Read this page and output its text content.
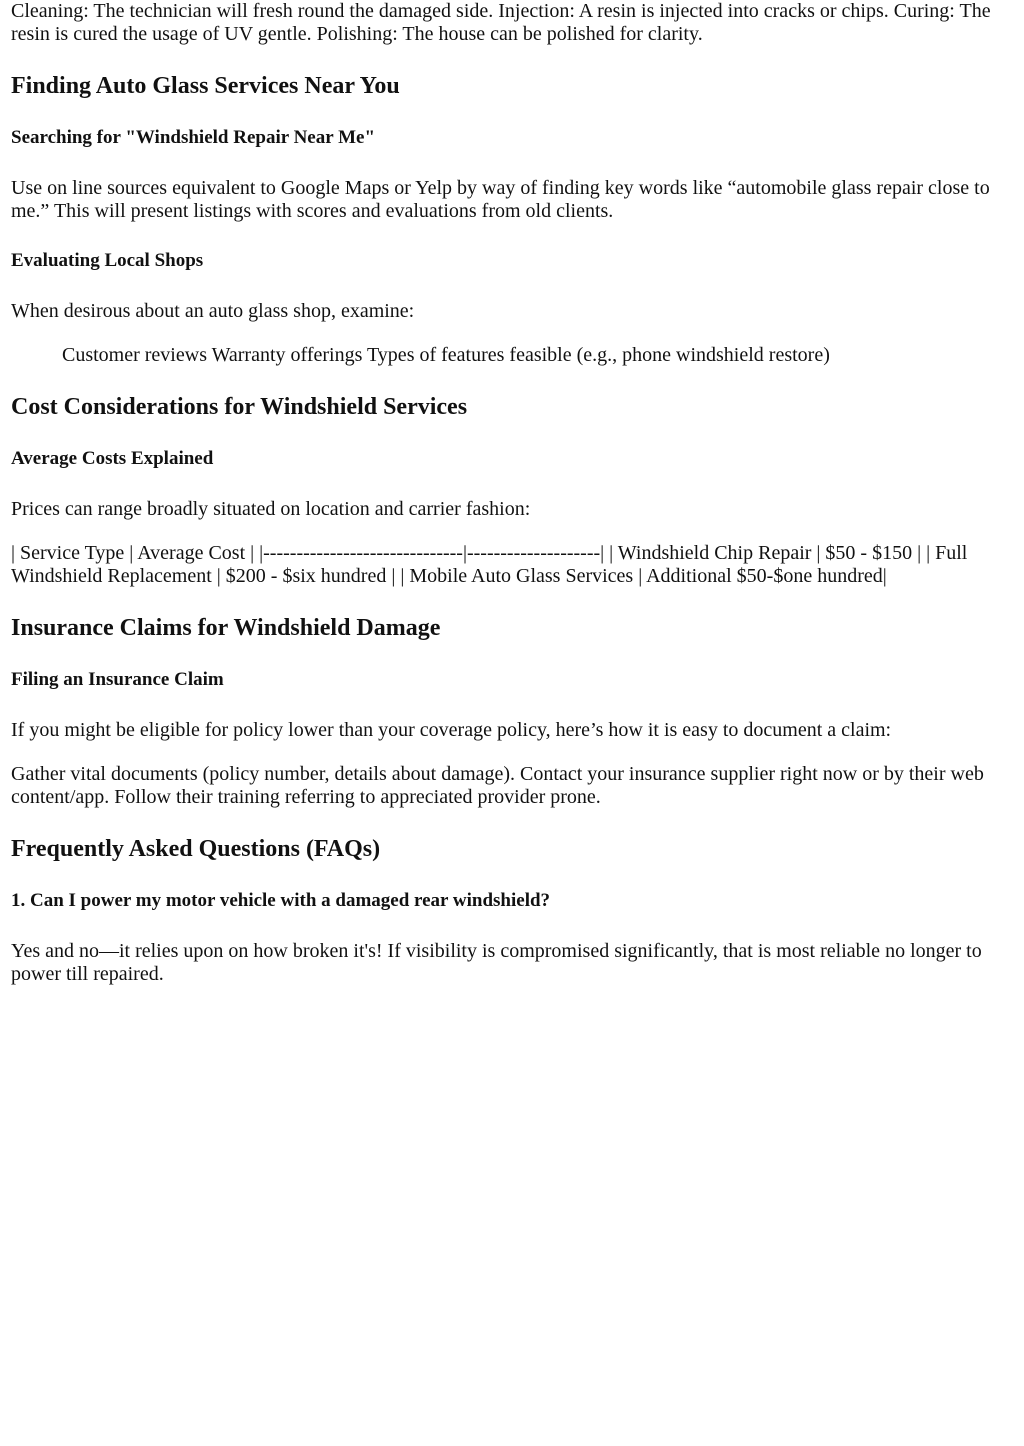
Cleaning: The technician will fresh round the damaged side. Injection: A resin is injected into cracks or chips. Curing: The resin is cured the usage of UV gentle. Polishing: The house can be polished for clarity.

Finding Auto Glass Services Near You
Searching for "Windshield Repair Near Me"

Use on line sources equivalent to Google Maps or Yelp by way of finding key words like “automobile glass repair close to me.” This will present listings with scores and evaluations from old clients.

Evaluating Local Shops

When desirous about an auto glass shop, examine:

Customer reviews Warranty offerings Types of features feasible (e.g., phone windshield restore)
Cost Considerations for Windshield Services
Average Costs Explained

Prices can range broadly situated on location and carrier fashion:

| Service Type | Average Cost | |------------------------------|--------------------| | Windshield Chip Repair | $50 - $150 | | Full Windshield Replacement | $200 - $six hundred | | Mobile Auto Glass Services | Additional $50-$one hundred|

Insurance Claims for Windshield Damage
Filing an Insurance Claim

If you might be eligible for policy lower than your coverage policy, here’s how it is easy to document a claim:

Gather vital documents (policy number, details about damage). Contact your insurance supplier right now or by their web content/app. Follow their training referring to appreciated provider prone.

Frequently Asked Questions (FAQs)
1. Can I power my motor vehicle with a damaged rear windshield?

Yes and no—it relies upon on how broken it's! If visibility is compromised significantly, that is most reliable no longer to power till repaired.
